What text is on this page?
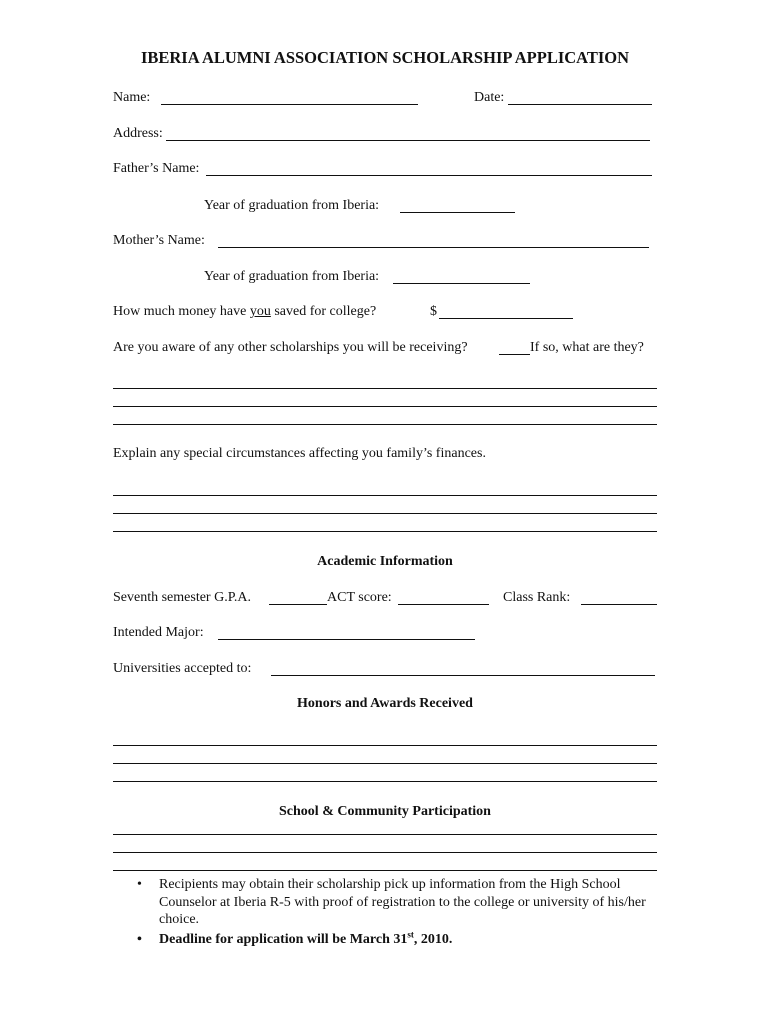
IBERIA ALUMNI ASSOCIATION SCHOLARSHIP APPLICATION
Name:	Date:
Address:
Father’s Name:
Year of graduation from Iberia:
Mother’s Name:
Year of graduation from Iberia:
How much money have you saved for college?	$
Are you aware of any other scholarships you will be receiving?	If so, what are they?
Explain any special circumstances affecting you family’s finances.
Academic Information
Seventh semester G.P.A.	ACT score:	Class Rank:
Intended Major:
Universities accepted to:
Honors and Awards Received
School & Community Participation
• Recipients may obtain their scholarship pick up information from the High School Counselor at Iberia R-5 with proof of registration to the college or university of his/her choice.
• Deadline for application will be March 31st, 2010.
